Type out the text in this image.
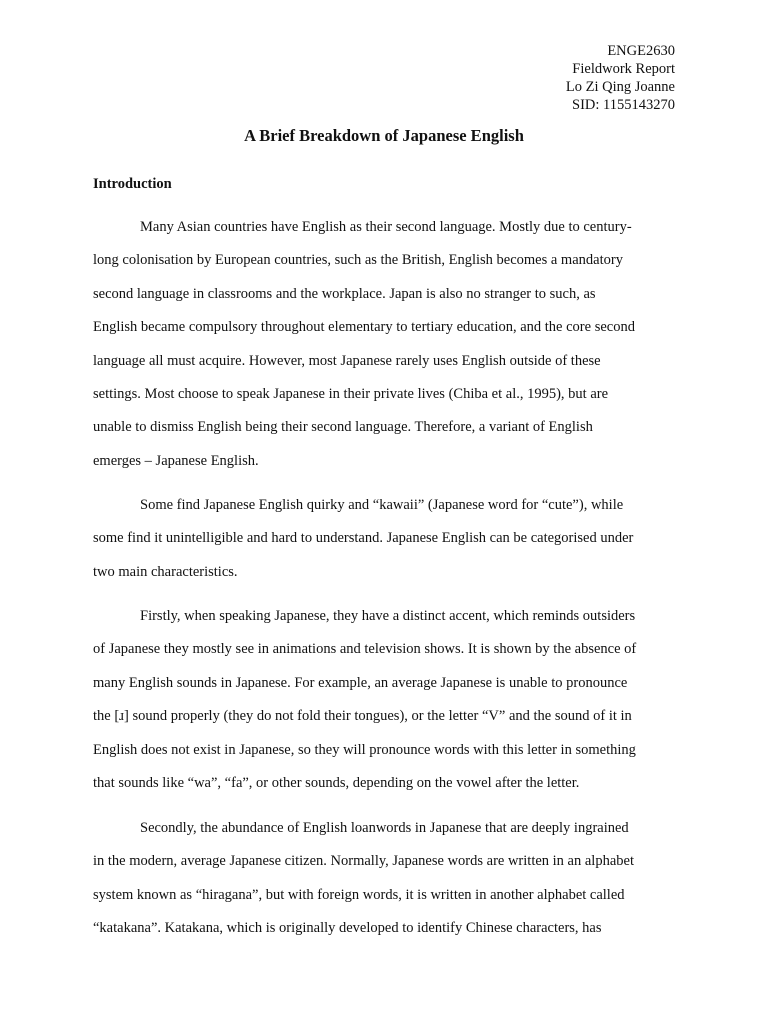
ENGE2630
Fieldwork Report
Lo Zi Qing Joanne
SID: 1155143270
A Brief Breakdown of Japanese English
Introduction

Many Asian countries have English as their second language. Mostly due to century-
long colonisation by European countries, such as the British, English becomes a mandatory
second language in classrooms and the workplace. Japan is also no stranger to such, as
English became compulsory throughout elementary to tertiary education, and the core second
language all must acquire. However, most Japanese rarely uses English outside of these
settings. Most choose to speak Japanese in their private lives (Chiba et al., 1995), but are
unable to dismiss English being their second language. Therefore, a variant of English
emerges – Japanese English.

Some find Japanese English quirky and “kawaii” (Japanese word for “cute”), while
some find it unintelligible and hard to understand. Japanese English can be categorised under
two main characteristics.

Firstly, when speaking Japanese, they have a distinct accent, which reminds outsiders
of Japanese they mostly see in animations and television shows. It is shown by the absence of
many English sounds in Japanese. For example, an average Japanese is unable to pronounce
the [ɹ] sound properly (they do not fold their tongues), or the letter “V” and the sound of it in
English does not exist in Japanese, so they will pronounce words with this letter in something
that sounds like “wa”, “fa”, or other sounds, depending on the vowel after the letter.

Secondly, the abundance of English loanwords in Japanese that are deeply ingrained
in the modern, average Japanese citizen. Normally, Japanese words are written in an alphabet
system known as “hiragana”, but with foreign words, it is written in another alphabet called
“katakana”. Katakana, which is originally developed to identify Chinese characters, has
